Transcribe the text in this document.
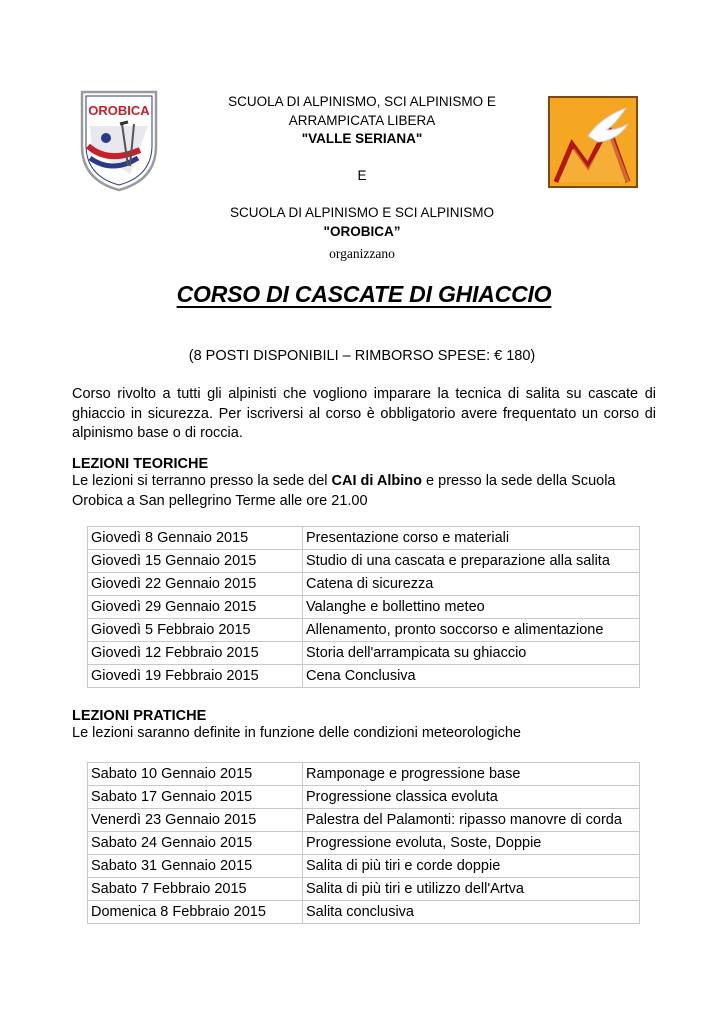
OROBICA
SCUOLA DI ALPINISMO, SCI ALPINISMO E
ARRAMPICATA LIBERA
"VALLE SERIANA"
E
SCUOLA DI ALPINISMO E SCI ALPINISMO
"OROBICA”
organizzano
CORSO DI CASCATE DI GHIACCIO
(8 POSTI DISPONIBILI – RIMBORSO SPESE: € 180)
Corso rivolto a tutti gli alpinisti che vogliono imparare la tecnica di salita su cascate di ghiaccio in sicurezza. Per iscriversi al corso è obbligatorio avere frequentato un corso di alpinismo base o di roccia.
LEZIONI TEORICHE
Le lezioni si terranno presso la sede del CAI di Albino e presso la sede della Scuola Orobica a San pellegrino Terme alle ore 21.00
Giovedì 8 Gennaio 2015	Presentazione corso e materiali
Giovedì 15 Gennaio 2015	Studio di una cascata e preparazione alla salita
Giovedì 22 Gennaio 2015	Catena di sicurezza
Giovedì 29 Gennaio 2015	Valanghe e bollettino meteo
Giovedì 5 Febbraio 2015	Allenamento, pronto soccorso e alimentazione
Giovedì 12 Febbraio 2015	Storia dell'arrampicata su ghiaccio
Giovedì 19 Febbraio 2015	Cena Conclusiva
LEZIONI PRATICHE
Le lezioni saranno definite in funzione delle condizioni meteorologiche
Sabato 10 Gennaio 2015	Ramponage e progressione base
Sabato 17 Gennaio 2015	Progressione classica evoluta
Venerdì 23 Gennaio 2015	Palestra del Palamonti: ripasso manovre di corda
Sabato 24 Gennaio 2015	Progressione evoluta, Soste, Doppie
Sabato 31 Gennaio 2015	Salita di più tiri e corde doppie
Sabato 7 Febbraio 2015	Salita di più tiri e utilizzo dell'Artva
Domenica 8 Febbraio 2015	Salita conclusiva
